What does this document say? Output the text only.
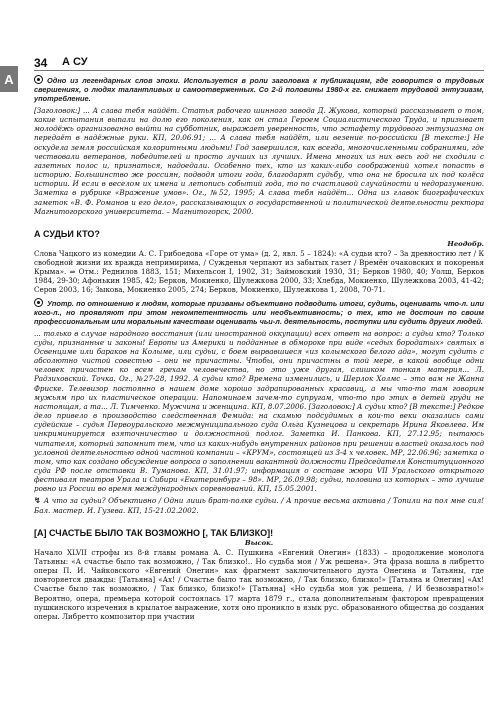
А
34 А СУ

Одно из легендарных слов эпохи. Используется в роли заголовка к публикациям, где говорится о трудовых свершениях, о людях талантливых и самоотверженных. Со 2-й половины 1980-х гг. снижает трудовой энтузиазм, употребление.

[Заголовок:] ... А слава тебя найдёт. Статья рабочего шинного завода Д. Жукова, который рассказывает о том, какие испытания выпали на долю его поколения, как он стал Героем Социалистического Труда, и призывает молодёжь организованно выйти на субботник, выражает уверенность, что эстафету трудового энтузиазма он передаёт в надёжные руки. КП, 20.06.91; ... А слава тебя найдёт, или везение по-российски [В тексте:] Не оскудела земля российская колоритными людьми! Год завершился, как всегда, многочисленными собраниями, где чествовали ветеранов, победителей и просто лучших из лучших. Имена многих из них весь год не сходили с газетных полос и, признаться, надоедали. Особенно тех, кто из каких-либо соображений хотел попасть в историю. Большинство же россиян, подводя итоги года, благодарят судьбу, что она не бросила их под колёса истории. И если в веселом их имена и летопись событий года, то по счастливой случайности и недоразумению. Заметка в рубрике «Вражение умов». Ог., №52, 1995; А слава тебя найдёт... Одна из главок биографических заметок «В. Ф. Романов и его дело», рассказывающих о государственной и политической деятельности ректора Магнитогорского университета. – Магнитогорск, 2000.

А СУДЬИ КТО?
Неодобр.

Слова Чацкого из комедии А. С. Грибоедова «Горе от ума» (д. 2, явл. 5 – 1824): «А судьи кто? – За древностию лет / К свободной жизни их вражда непримирима, / Сужденья черпают из забытых газет / Времён очаковских и покоренья Крыма». ⇒ Отм.: Реднилов 1883, 151; Михельсон I, 1902, 31; Займовский 1930, 31; Берков 1980, 40; Уолш, Берков 1984, 29-30; Афонькин 1985, 42; Берков, Мокиенко, Шулежкова 2000, 33; Хлебда, Мокиенко, Шулежкова 2003, 41-42; Серов 2003, 16; Зыкова, Мокиенко 2005, 274; Берков, Мокиенко, Шулежкова 1, 2008, 70-71.

Употр. по отношению к людям, которые призваны объективно подводить итоги, судить, оценивать что-л. или кого-л., но проявляют при этом некомпетентность или необъективность; о тех, кто не достоин по своим профессиональным или моральным качествам оценивать чьи-л. деятельность, поступки или судить других людей.

... только в случае народного восстания (или иностранной оккупации) всех ответ на вопрос: а судьи кто? Только суды, признанные и законы! Европы из Америки и подданные в обмороке при виде «седых бородатых» святых в Освенциме или бараков на Колыме, или судьи, с боем вырвавшиеся «из колымского белого ада», могут судить с абсолютно чистой совестью – они не причастны. Чтобы, они причастны в той мере, в какой вообще одни человек причастен ко всем грехам человечества, но это уже другая, слишком тонкая материя... Л. Радзиховский. Точка. Ог., №27-28, 1992. А судьи кто? Времена изменились, и Шерлок Холмс – это вам не Жанна Фриске. Телевизор постоянно в нашем доме хорошо задрапированных красавиц, а мы что-то там говорим мужьям про их пластическое операции. Напоминаем зачем-то супругам, что-то про этих в детей груди не настоящая, а та... Л. Тимченко. Мужчина и женщина. КП, 8.07.2006. [Заголовок:] А судьи кто? [В тексте:] Редкое дело привело в производство следственная Фемида: на скамью подсудимых в кои-то веки оказались сами судейские – судья Первоуральского межмуниципального суда Ольга Кузнецова и секретарь Ирина Яковлева. Им инкриминируется взяточничество и должностной подлог. Заметка И. Панкова. КП, 27.12.95; пытаюсь читателя, который запомнит тем, что из каких-нибудь внутренних районов при решении властей оказалось под условной деятельностью одной частной компании – «КРУМ», состоящей из 3-4 х человек. МР, 22.06.96; заметка о том, что как создано обсуждение вопроса о заполнении вакантной должности Председателя Конституционного суда РФ после отставки В. Туманова. КП, 31.01.97; информация о составе жюри VII Уральского открытого фестиваля театров Урала и Сибири «Екатеринбург – 98». МР, 26.09.98; судьи, половина из которых – это лучшие ровно из России во время международных соревнований. КП, 15.05.2001.

↯ А что за судьи? Объективно / Одни лишь брат-полке судьи. / А прочие весьма активна / Топили на пол мне сил! Бал. мастер. И. Гузева. КП, 15-21.02.2002.

[А] СЧАСТЬЕ БЫЛО ТАК ВОЗМОЖНО [, ТАК БЛИЗКО]!
Высок.

Начало XLVII строфы из 8-й главы романа А. С. Пушкина «Евгений Онегин» (1833) – продолжение монолога Татьяны: «А счастье было так возможно, / Так близко!.. Но судьба моя / Уж решена». Эта фраза вошла в либретто оперы П. И. Чайковского «Евгений Онегин» как фрагмент заключительного дуэта Онегина и Татьяны, где повторяется дважды: [Татьяна] «Ах! / Счастье было так возможно, / Так близко, близко!» [Татьяна и Онегин] «Ах! Счастье было так возможно, / Так близко, близко!» [Татьяна] «Но судьба моя уж решена, / И безвозвратно!» Вероятно, опера, премьера которой состоялась 17 марта 1879 г., стала дополнительным фактором превращения пушкинского изречения в крылатое выражение, хотя оно проникло в язык рус. образованного общества до создания оперы. Либретто композитор при участии
